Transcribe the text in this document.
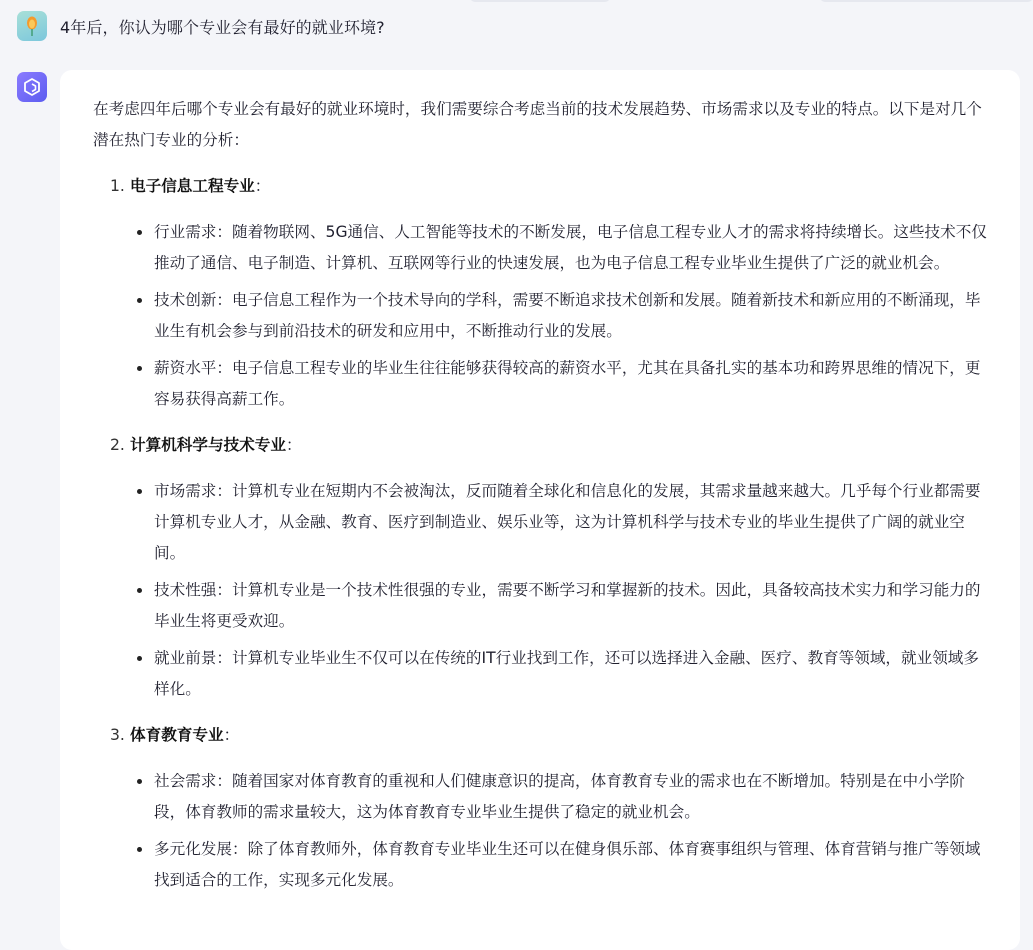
4年后，你认为哪个专业会有最好的就业环境?

在考虑四年后哪个专业会有最好的就业环境时，我们需要综合考虑当前的技术发展趋势、市场需求以及专业的特点。以下是对几个潜在热门专业的分析：

1. 电子信息工程专业：
行业需求：随着物联网、5G通信、人工智能等技术的不断发展，电子信息工程专业人才的需求将持续增长。这些技术不仅推动了通信、电子制造、计算机、互联网等行业的快速发展，也为电子信息工程专业毕业生提供了广泛的就业机会。
技术创新：电子信息工程作为一个技术导向的学科，需要不断追求技术创新和发展。随着新技术和新应用的不断涌现，毕业生有机会参与到前沿技术的研发和应用中，不断推动行业的发展。
薪资水平：电子信息工程专业的毕业生往往能够获得较高的薪资水平，尤其在具备扎实的基本功和跨界思维的情况下，更容易获得高薪工作。
2. 计算机科学与技术专业：
市场需求：计算机专业在短期内不会被淘汰，反而随着全球化和信息化的发展，其需求量越来越大。几乎每个行业都需要计算机专业人才，从金融、教育、医疗到制造业、娱乐业等，这为计算机科学与技术专业的毕业生提供了广阔的就业空间。
技术性强：计算机专业是一个技术性很强的专业，需要不断学习和掌握新的技术。因此，具备较高技术实力和学习能力的毕业生将更受欢迎。
就业前景：计算机专业毕业生不仅可以在传统的IT行业找到工作，还可以选择进入金融、医疗、教育等领域，就业领域多样化。
3. 体育教育专业：
社会需求：随着国家对体育教育的重视和人们健康意识的提高，体育教育专业的需求也在不断增加。特别是在中小学阶段，体育教师的需求量较大，这为体育教育专业毕业生提供了稳定的就业机会。
多元化发展：除了体育教师外，体育教育专业毕业生还可以在健身俱乐部、体育赛事组织与管理、体育营销与推广等领域找到适合的工作，实现多元化发展。
